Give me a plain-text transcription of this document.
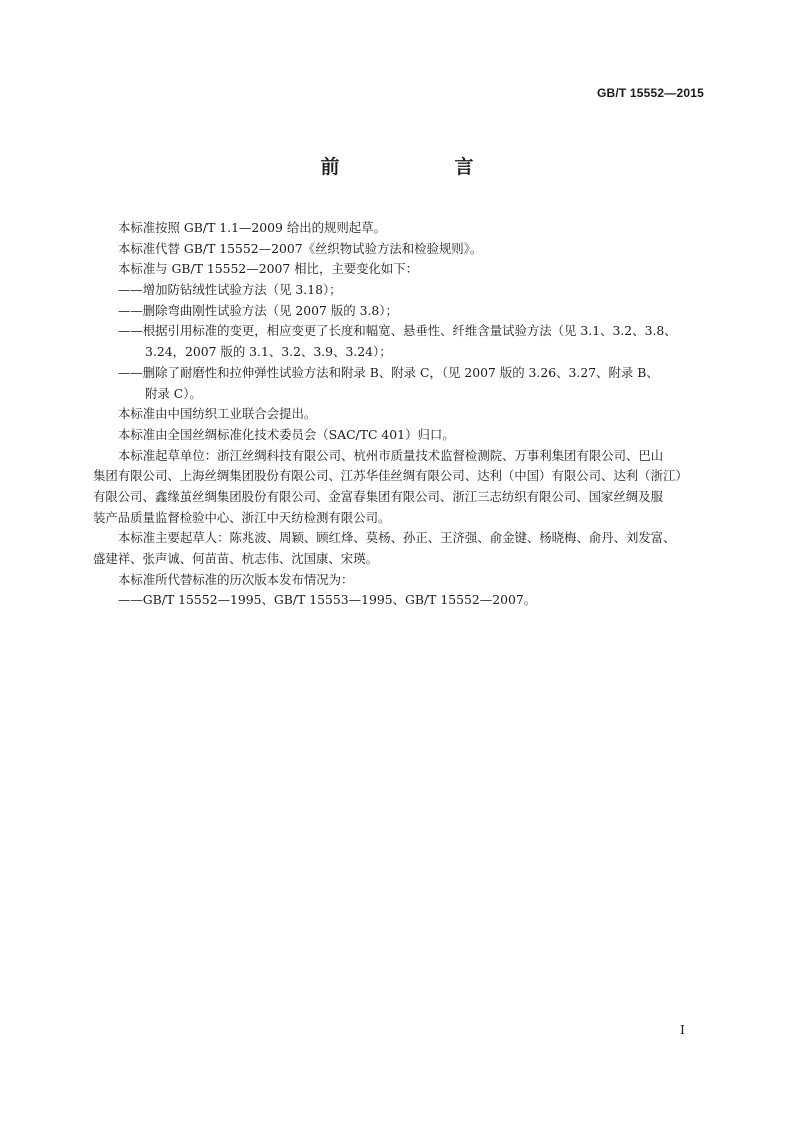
GB/T 15552—2015
前　言
本标准按照 GB/T 1.1—2009 给出的规则起草。
本标准代替 GB/T 15552—2007《丝织物试验方法和检验规则》。
本标准与 GB/T 15552—2007 相比，主要变化如下：
——增加防钻绒性试验方法（见 3.18）；
——删除弯曲刚性试验方法（见 2007 版的 3.8）；
——根据引用标准的变更，相应变更了长度和幅宽、悬垂性、纤维含量试验方法（见 3.1、3.2、3.8、
3.24，2007 版的 3.1、3.2、3.9、3.24）；
——删除了耐磨性和拉伸弹性试验方法和附录 B、附录 C，（见 2007 版的 3.26、3.27、附录 B、
附录 C）。
本标准由中国纺织工业联合会提出。
本标准由全国丝绸标准化技术委员会（SAC/TC 401）归口。
本标准起草单位：浙江丝绸科技有限公司、杭州市质量技术监督检测院、万事利集团有限公司、巴山
集团有限公司、上海丝绸集团股份有限公司、江苏华佳丝绸有限公司、达利（中国）有限公司、达利（浙江）
有限公司、鑫缘茧丝绸集团股份有限公司、金富春集团有限公司、浙江三志纺织有限公司、国家丝绸及服
装产品质量监督检验中心、浙江中天纺检测有限公司。
本标准主要起草人：陈兆波、周颖、顾红烽、莫杨、孙正、王济强、俞金键、杨晓梅、俞丹、刘发富、
盛建祥、张声诚、何苗苗、杭志伟、沈国康、宋瑛。
本标准所代替标准的历次版本发布情况为：
——GB/T 15552—1995、GB/T 15553—1995、GB/T 15552—2007。
I
